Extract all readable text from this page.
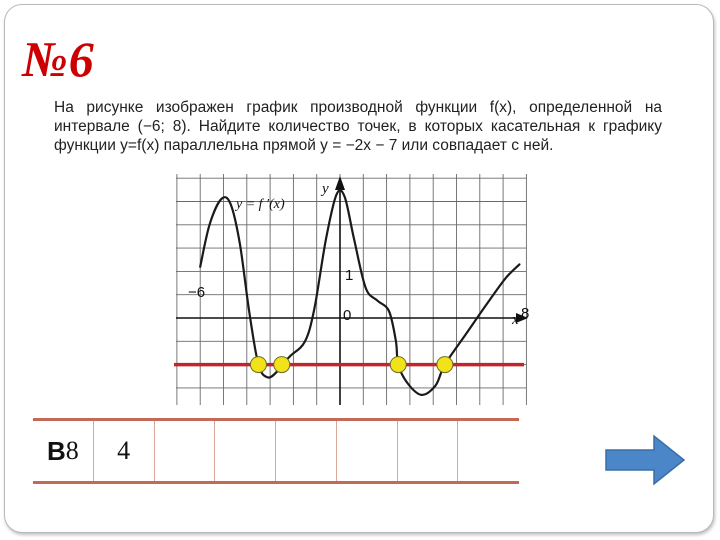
№6
На рисунке изображен график производной функции f(x), определенной на интервале (−6; 8). Найдите количество точек, в которых касательная к графику функции y=f(x) параллельна прямой y = −2x − 7 или совпадает с ней.
y = f ′(x)
y
x
−6
1
0	8
B 8	4
